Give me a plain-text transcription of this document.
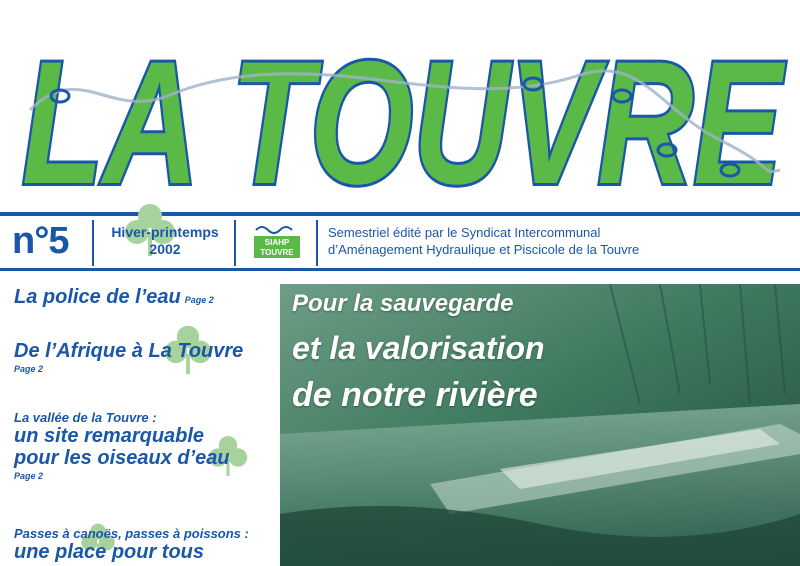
LA TOUVRE
n°5	Hiver-printemps
2002	SIAHP
TOUVRE
Semestriel édité par le Syndicat Intercommunal
d’Aménagement Hydraulique et Piscicole de la Touvre
La police de l’eau Page 2
De l’Afrique à La Touvre
Page 2
La vallée de la Touvre :
un site remarquable
pour les oiseaux d’eau
Page 2
Passes à canoës, passes à poissons :
une place pour tous
Pour la sauvegarde
et la valorisation
de notre rivière
